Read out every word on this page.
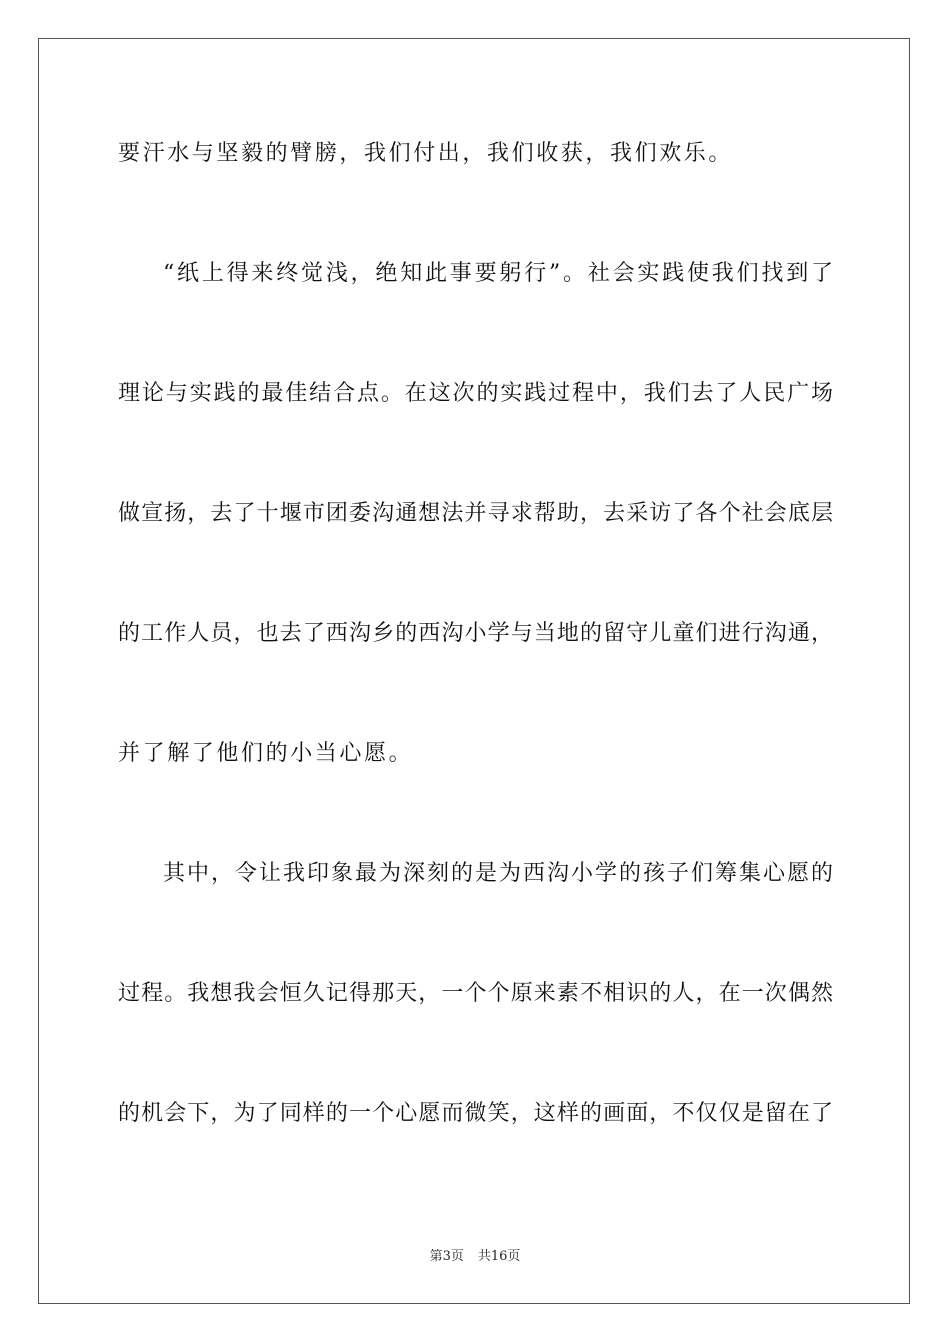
要汗水与坚毅的臂膀，我们付出，我们收获，我们欢乐。
“纸上得来终觉浅，绝知此事要躬行”。社会实践使我们找到了
理论与实践的最佳结合点。在这次的实践过程中，我们去了人民广场
做宣扬，去了十堰市团委沟通想法并寻求帮助，去采访了各个社会底层
的工作人员，也去了西沟乡的西沟小学与当地的留守儿童们进行沟通，
并了解了他们的小当心愿。
其中，令让我印象最为深刻的是为西沟小学的孩子们筹集心愿的
过程。我想我会恒久记得那天，一个个原来素不相识的人，在一次偶然
的机会下，为了同样的一个心愿而微笑，这样的画面，不仅仅是留在了
第3页 共16页
